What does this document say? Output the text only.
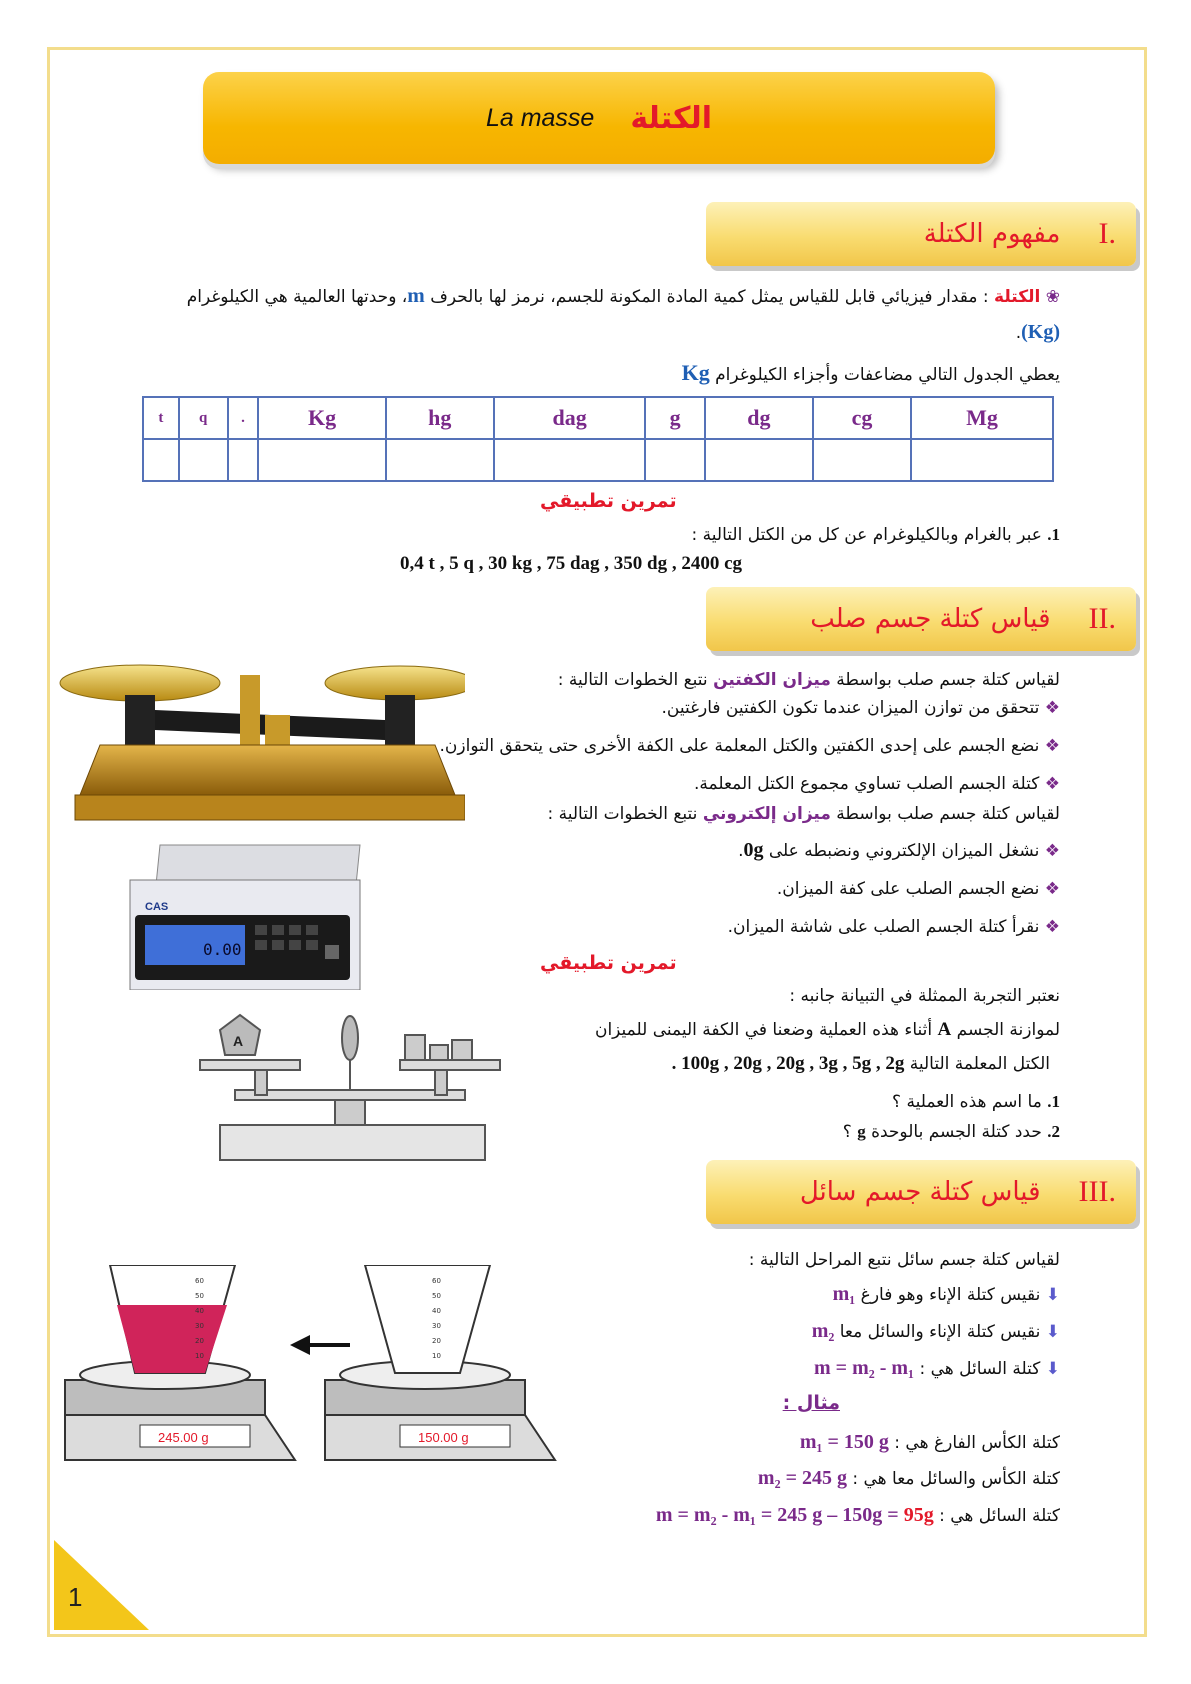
La masse الكتلة
مفهوم الكتلة I.
❀ الكتلة : مقدار فيزيائي قابل للقياس يمثل كمية المادة المكونة للجسم، نرمز لها بالحرف m، وحدتها العالمية هي الكيلوغرام
(Kg).
يعطي الجدول التالي مضاعفات وأجزاء الكيلوغرام Kg
t	q	.	Kg	hg	dag	g	dg	cg	Mg

تمرين تطبيقي
1. عبر بالغرام وبالكيلوغرام عن كل من الكتل التالية :
0,4 t , 5 q , 30 kg , 75 dag , 350 dg , 2400 cg
قياس كتلة جسم صلب II.
لقياس كتلة جسم صلب بواسطة ميزان الكفتين نتبع الخطوات التالية :
❖ تتحقق من توازن الميزان عندما تكون الكفتين فارغتين.
❖ نضع الجسم على إحدى الكفتين والكتل المعلمة على الكفة الأخرى حتى يتحقق التوازن.
❖ كتلة الجسم الصلب تساوي مجموع الكتل المعلمة.
لقياس كتلة جسم صلب بواسطة ميزان إلكتروني نتبع الخطوات التالية :
❖ نشغل الميزان الإلكتروني ونضبطه على 0g.
❖ نضع الجسم الصلب على كفة الميزان.
❖ نقرأ كتلة الجسم الصلب على شاشة الميزان.
CAS
0.00
تمرين تطبيقي
نعتبر التجربة الممثلة في التبيانة جانبه :
لموازنة الجسم A أثناء هذه العملية وضعنا في الكفة اليمنى للميزان
الكتل المعلمة التالية 100g , 20g , 20g , 3g , 5g , 2g .
1. ما اسم هذه العملية ؟
2. حدد كتلة الجسم بالوحدة g ؟
A
قياس كتلة جسم سائل III.
لقياس كتلة جسم سائل نتبع المراحل التالية :
⬇ نقيس كتلة الإناء وهو فارغ m₁
⬇ نقيس كتلة الإناء والسائل معا m₂
⬇ كتلة السائل هي : m = m₂ - m₁
مثال :
كتلة الكأس الفارغ هي : m₁ = 150 g
كتلة الكأس والسائل معا هي : m₂ = 245 g
كتلة السائل هي : m = m₂ - m₁ = 245 g – 150g = 95g
245.00 g	150.00 g
60
50
40
30
20
10
60
50
40
30
20
10
1
